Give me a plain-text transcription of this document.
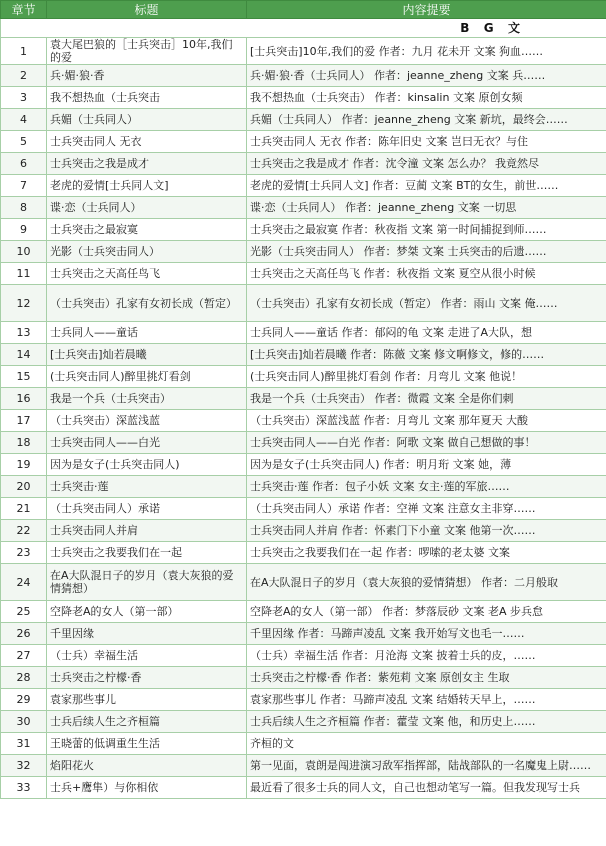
章节	标题	内容提要
B  G  文		
1	袁大尾巴狼的［士兵突击］10年,我们的爱	[士兵突击]10年,我们的爱 作者：九月 花未开 文案 狗血……
2	兵·媚·狼·香	兵·媚·狼·香（士兵同人） 作者：jeanne_zheng 文案 兵……
3	我不想热血（士兵突击	我不想热血（士兵突击） 作者：kinsalin 文案 原创女频
4	兵媚（士兵同人）	兵媚（士兵同人） 作者：jeanne_zheng 文案 新坑，最终会……
5	士兵突击同人 无衣	士兵突击同人 无衣 作者：陈年旧史 文案 岂曰无衣？与住
6	士兵突击之我是成才	士兵突击之我是成才 作者：沈令潼 文案 怎么办？ 我竟然尽
7	老虎的爱情[士兵同人文]	老虎的爱情[士兵同人文] 作者：豆蔺 文案 BT的女生，前世……
8	谍·恋（士兵同人）	谍·恋（士兵同人） 作者：jeanne_zheng 文案 一切思
9	士兵突击之最寂寞	士兵突击之最寂寞 作者：秋夜指 文案 第一时间捕捉到师……
10	光影（士兵突击同人）	光影（士兵突击同人） 作者：梦桀 文案 士兵突击的后遗……
11	士兵突击之天高任鸟飞	士兵突击之天高任鸟飞 作者：秋夜指 文案 夏空从很小时候
12	（士兵突击）孔家有女初长成（暂定）	（士兵突击）孔家有女初长成（暂定） 作者：雨山 文案 俺……
13	士兵同人——童话	士兵同人——童话 作者：郁闷的龟 文案 走进了A大队，想
14	[士兵突击]灿若晨曦	[士兵突击]灿若晨曦 作者：陈薇 文案 修文啊修文，修的……
15	(士兵突击同人)醉里挑灯看剑	(士兵突击同人)醉里挑灯看剑 作者：月弯儿 文案 他说！
16	我是一个兵（士兵突击）	我是一个兵（士兵突击） 作者：微霞 文案 全是你们刺
17	（士兵突击）深蓝浅蓝	（士兵突击）深蓝浅蓝 作者：月弯儿 文案 那年夏天 大酸
18	士兵突击同人——白光	士兵突击同人——白光 作者：阿歌 文案 做自己想做的事！
19	因为是女子(士兵突击同人)	因为是女子(士兵突击同人) 作者：明月珩 文案 她，薄
20	士兵突击·莲	士兵突击·莲 作者：包子小妖 文案 女主·莲的军旅……
21	（士兵突击同人）承诺	（士兵突击同人）承诺 作者：空禅 文案 注意女主非穿……
22	士兵突击同人并肩	士兵突击同人并肩 作者：怀素门下小童 文案 他第一次……
23	士兵突击之我要我们在一起	士兵突击之我要我们在一起 作者：啰嗦的老太婆 文案
24	在A大队混日子的岁月（袁大灰狼的爱情猜想）	在A大队混日子的岁月（袁大灰狼的爱情猜想） 作者：二月般取
25	空降老A的女人（第一部）	空降老A的女人（第一部） 作者：梦落辰砂 文案 老A 步兵怠
26	千里因缘	千里因缘 作者：马蹄声凌乱 文案 我开始写文也毛一……
27	（士兵）幸福生活	（士兵）幸福生活 作者：月沧海 文案 披着士兵的皮，……
28	士兵突击之柠檬·香	士兵突击之柠檬·香 作者：紫苑莉 文案 原创女主 生取
29	袁家那些事儿	袁家那些事儿 作者：马蹄声凌乱 文案 结婚转天早上，……
30	士兵后续人生之齐桓篇	士兵后续人生之齐桓篇 作者：藿莹 文案 他，和历史上……
31	王晓蕾的低调重生生活	齐桓的文
32	焰阳花火	第一见面，袁朗是闯进演习敌军指挥部，陆战部队的一名魔鬼上尉……
33	士兵+鹰隼）与你相依	最近看了很多士兵的同人文，自己也想动笔写一篇。但我发现写士兵
